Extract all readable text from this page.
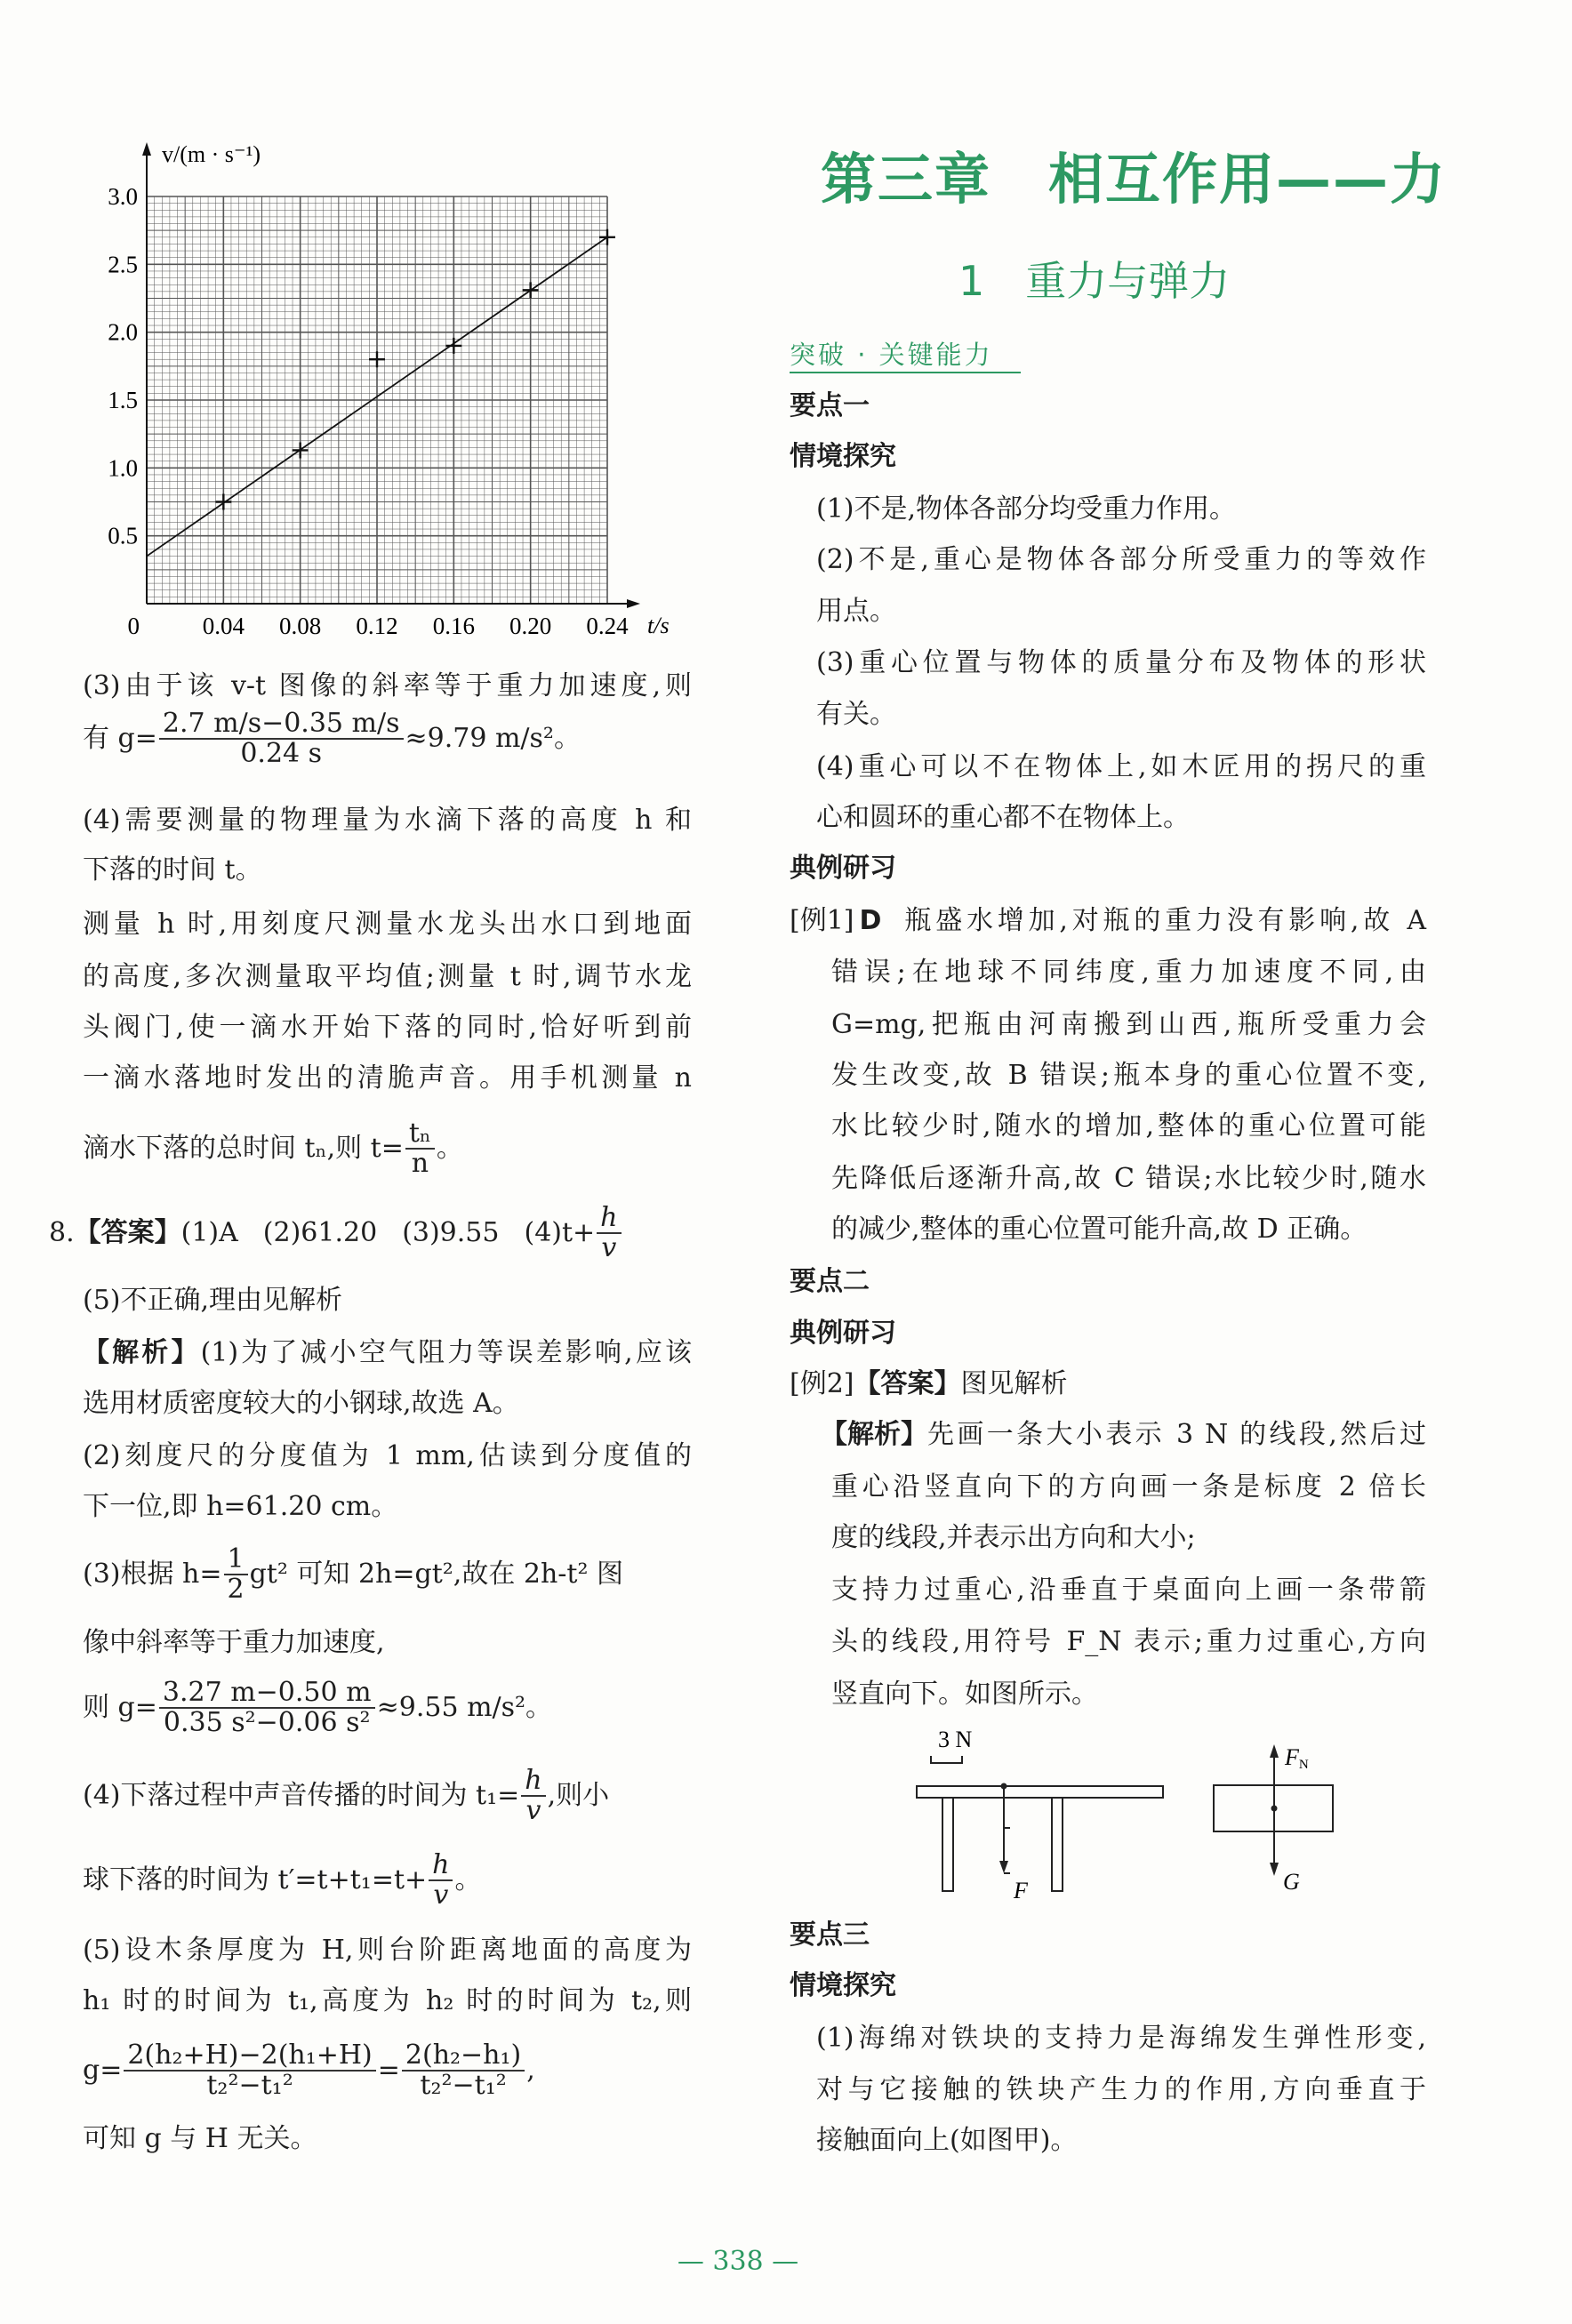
v/(m · s⁻¹)
t/s
0.5
1.0
1.5
2.0
2.5
3.0
0	0.04 0.08 0.12 0.16 0.20 0.24
(3)由于该 v-t 图像的斜率等于重力加速度,则
有 $g= \frac{2.7 m/s-0.35 m/s}{0.24 s} \approx 9.79$ m/s²。
(4)需要测量的物理量为水滴下落的高度 h 和
下落的时间 t。
测量 h 时,用刻度尺测量水龙头出水口到地面
的高度,多次测量取平均值;测量 t 时,调节水龙
头阀门,使一滴水开始下落的同时,恰好听到前
一滴水落地时发出的清脆声音。用手机测量 n
滴水下落的总时间 tₙ,则 $t= \frac{\text{tₙ}}{n}$ 。
8. 【答案】 (1)A (2)61.20 (3)9.55 $(4)t+ \frac{h}{v}$
(5)不正确,理由见解析
【解析】(1)为了减小空气阻力等误差影响,应该
选用材质密度较大的小钢球,故选 A。
(2)刻度尺的分度值为 1 mm,估读到分度值的
下一位,即 h=61.20 cm。
(3)根据 $h= \frac{1}{2} gt^2$ 可知 2h=gt²,故在 2h-t² 图
像中斜率等于重力加速度,
则 $g= \frac{3.27 m-0.50 m}{\text{0.35 s²−0.06 s²}} \approx 9.55$ m/s²。
(4)下落过程中声音传播的时间为 $t_1= \frac{h}{v}$ ,则小
球下落的时间为 $t'=t+t_1=t+ \frac{h}{v}$ 。
(5)设木条厚度为 H,则台阶距离地面的高度为
h₁ 时的时间为 t₁,高度为 h₂ 时的时间为 t₂,则
$g= \frac{\text{2(h₂+H)−2(h₁+H)}}{\text{t₂²−t₁²}} = \frac{\text{2(h₂−h₁)}}{\text{t₂²−t₁²}}$ ,
可知 g 与 H 无关。
第三章　相互作用——力
1　重力与弹力
突破 · 关键能力
要点一
情境探究
(1)不是,物体各部分均受重力作用。
(2)不是,重心是物体各部分所受重力的等效作
用点。
(3)重心位置与物体的质量分布及物体的形状
有关。
(4)重心可以不在物体上,如木匠用的拐尺的重
心和圆环的重心都不在物体上。
典例研习
[例1] D 瓶盛水增加,对瓶的重力没有影响,故 A
错误;在地球不同纬度,重力加速度不同,由
G=mg,把瓶由河南搬到山西,瓶所受重力会
发生改变,故 B 错误;瓶本身的重心位置不变,
水比较少时,随水的增加,整体的重心位置可能
先降低后逐渐升高,故 C 错误;水比较少时,随水
的减少,整体的重心位置可能升高,故 D 正确。
要点二
典例研习
[例2]【答案】图见解析
【解析】 先画一条大小表示 3 N 的线段,然后过
重心沿竖直向下的方向画一条是标度 2 倍长
度的线段,并表示出方向和大小;
支持力过重心,沿垂直于桌面向上画一条带箭
头的线段,用符号 F_N 表示;重力过重心,方向
竖直向下。如图所示。
3 N
F
FN
G
要点三
情境探究
(1)海绵对铁块的支持力是海绵发生弹性形变,
对与它接触的铁块产生力的作用,方向垂直于
接触面向上(如图甲)。
— 338 —
